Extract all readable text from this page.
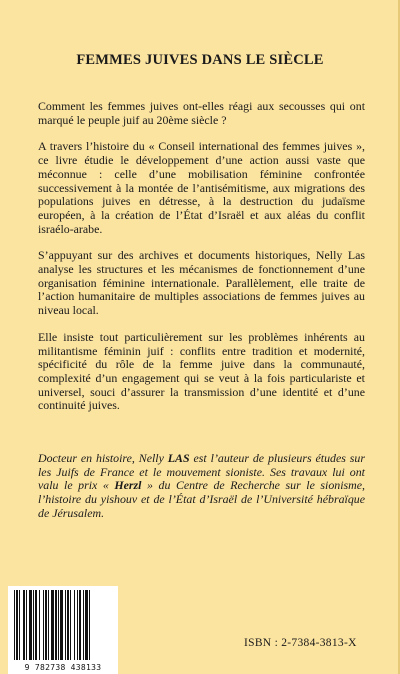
FEMMES JUIVES DANS LE SIÈCLE

Comment les femmes juives ont-elles réagi aux secousses qui ont marqué le peuple juif au 20ème siècle ?

A travers l’histoire du « Conseil international des femmes juives », ce livre étudie le développement d’une action aussi vaste que méconnue : celle d’une mobilisation féminine confrontée successivement à la montée de l’antisémitisme, aux migrations des populations juives en détresse, à la destruction du judaïsme européen, à la création de l’État d’Israël et aux aléas du conflit israélo-arabe.

S’appuyant sur des archives et documents historiques, Nelly Las analyse les structures et les mécanismes de fonctionnement d’une organisation féminine internationale. Parallèlement, elle traite de l’action humanitaire de multiples associations de femmes juives au niveau local.

Elle insiste tout particulièrement sur les problèmes inhérents au militantisme féminin juif : conflits entre tradition et modernité, spécificité du rôle de la femme juive dans la communauté, complexité d’un engagement qui se veut à la fois particulariste et universel, souci d’assurer la transmission d’une identité et d’une continuité juives.

Docteur en histoire, Nelly LAS est l’auteur de plusieurs études sur les Juifs de France et le mouvement sioniste. Ses travaux lui ont valu le prix « Herzl » du Centre de Recherche sur le sionisme, l’histoire du yishouv et de l’État d’Israël de l’Université hébraïque de Jérusalem.

9 782738 438133
ISBN : 2-7384-3813-X
